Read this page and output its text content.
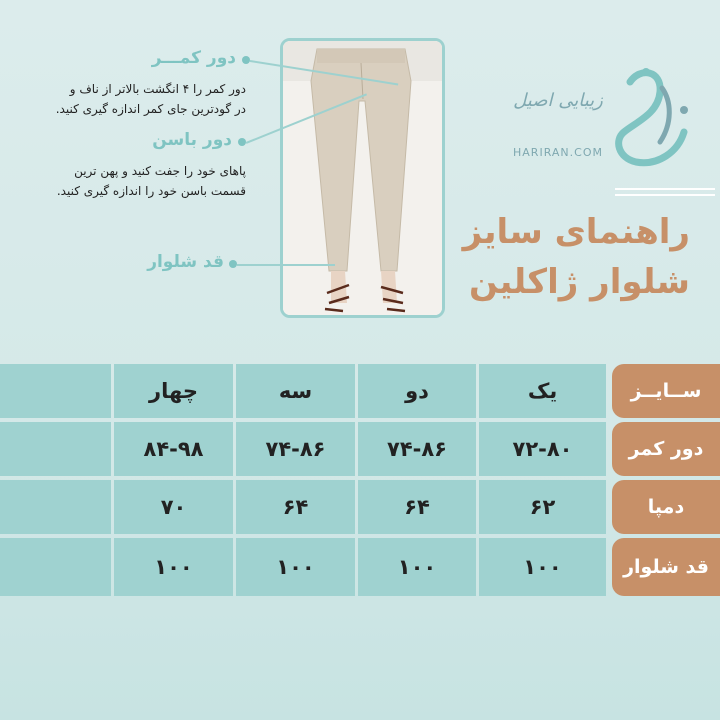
زیبایی اصیل
HARIRAN.COM
راهنمای سایز
شلوار ژاکلین
دور کمـــر
دور کمر را ۴ انگشت بالاتر از ناف و
در گودترین جای کمر اندازه گیری کنید.
دور باسن
پاهای خود را جفت کنید و پهن ترین
قسمت باسن خود را اندازه گیری کنید.
قد شلوار
ســایــز
یک
دو
سه
چهار
دور کمر
۷۲-۸۰
۷۴-۸۶
۷۴-۸۶
۸۴-۹۸
دمپا
۶۲
۶۴
۶۴
۷۰
قد شلوار
۱۰۰
۱۰۰
۱۰۰
۱۰۰
